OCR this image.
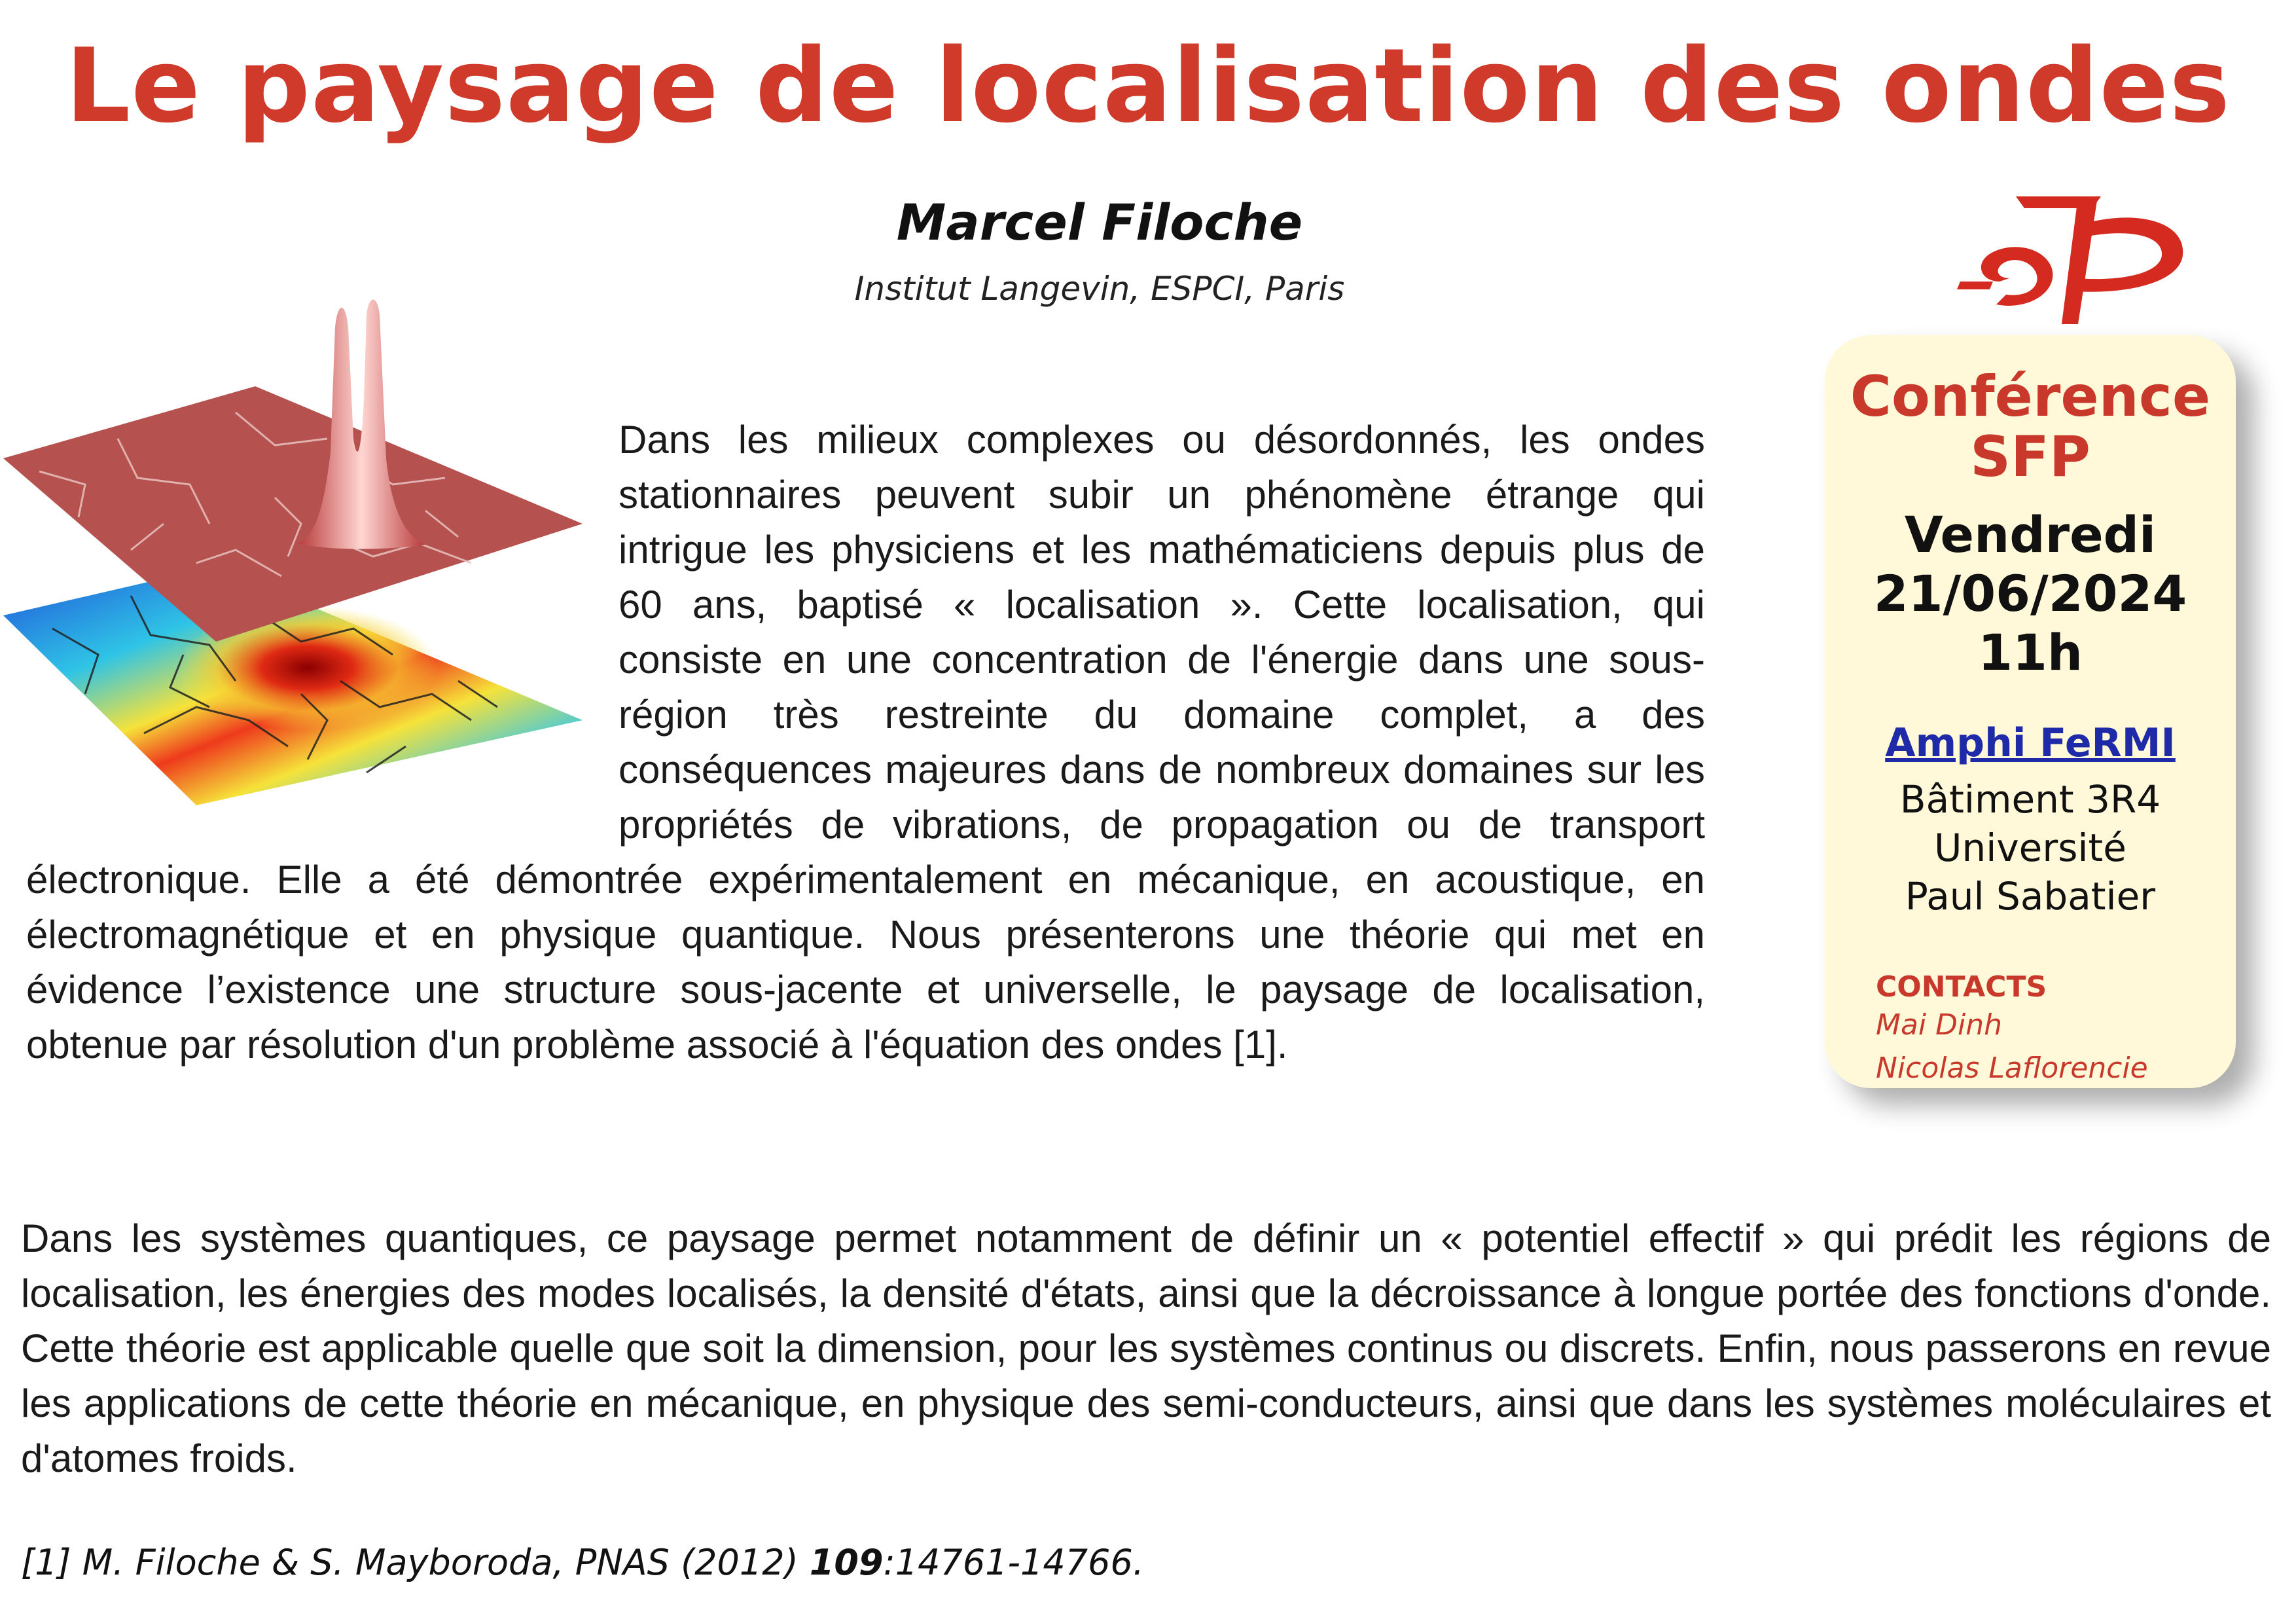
Le paysage de localisation des ondes
Marcel Filoche
Institut Langevin, ESPCI, Paris

Dans les milieux complexes ou désordonnés, les ondes stationnaires peuvent subir un phénomène étrange qui intrigue les physiciens et les mathématiciens depuis plus de 60 ans, baptisé « localisation ». Cette localisation, qui consiste en une concentration de l'énergie dans une sous-région très restreinte du domaine complet, a des conséquences majeures dans de nombreux domaines sur les propriétés de vibrations, de propagation ou de transport électronique. Elle a été démontrée expérimentalement en mécanique, en acoustique, en électromagnétique et en physique quantique. Nous présenterons une théorie qui met en évidence l’existence une structure sous-jacente et universelle, le paysage de localisation, obtenue par résolution d'un problème associé à l'équation des ondes [1].

Dans les systèmes quantiques, ce paysage permet notamment de définir un « potentiel effectif » qui prédit les régions de localisation, les énergies des modes localisés, la densité d'états, ainsi que la décroissance à longue portée des fonctions d'onde. Cette théorie est applicable quelle que soit la dimension, pour les systèmes continus ou discrets. Enfin, nous passerons en revue les applications de cette théorie en mécanique, en physique des semi-conducteurs, ainsi que dans les systèmes moléculaires et d'atomes froids.

[1] M. Filoche & S. Mayboroda, PNAS (2012) 109:14761-14766.

Conférence
SFP
Vendredi
21/06/2024
11h
Amphi FeRMI
Bâtiment 3R4
Université
Paul Sabatier
CONTACTS
Mai Dinh
Nicolas Laflorencie
